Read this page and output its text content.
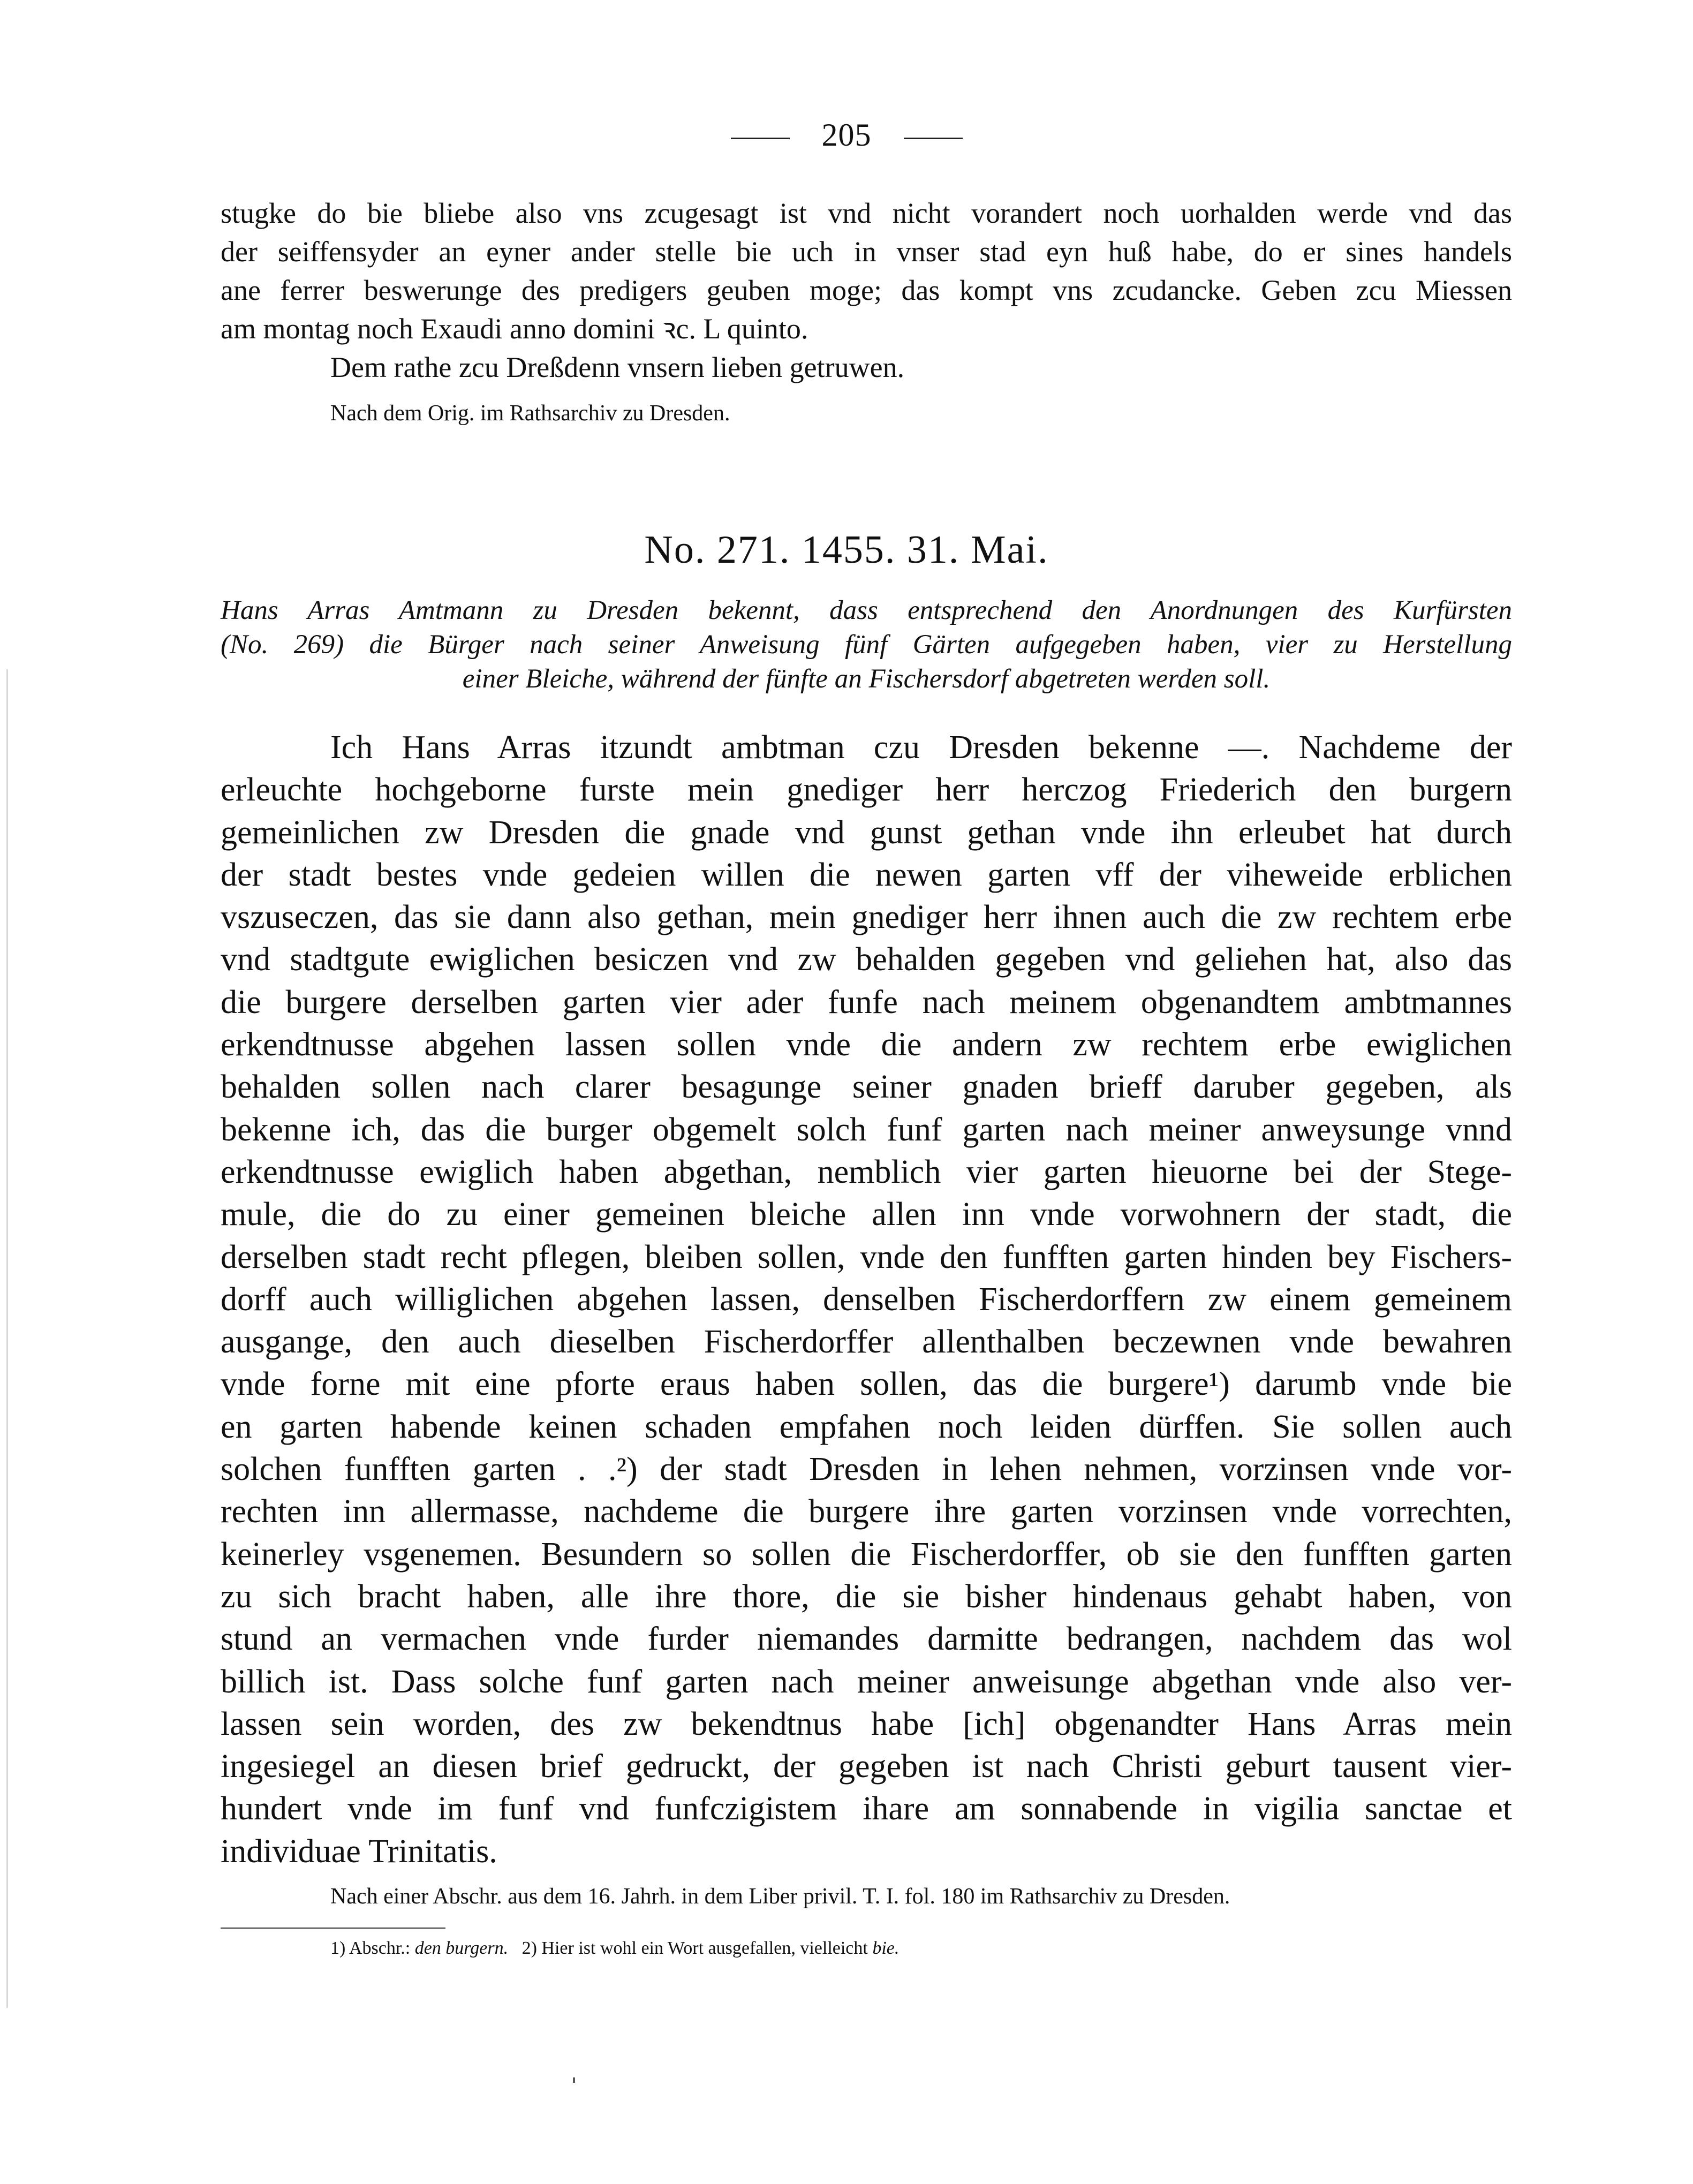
205
stugke do bie bliebe also vns zcugesagt ist vnd nicht vorandert noch uorhalden werde vnd das
der seiffensyder an eyner ander stelle bie uch in vnser stad eyn huß habe, do er sines handels
ane ferrer beswerunge des predigers geuben moge; das kompt vns zcudancke. Geben zcu Miessen
am montag noch Exaudi anno domini ꝛc. L quinto.
Dem rathe zcu Dreßdenn vnsern lieben getruwen.
Nach dem Orig. im Rathsarchiv zu Dresden.
No. 271. 1455. 31. Mai.
Hans Arras Amtmann zu Dresden bekennt, dass entsprechend den Anordnungen des Kurfürsten
(No. 269) die Bürger nach seiner Anweisung fünf Gärten aufgegeben haben, vier zu Herstellung
einer Bleiche, während der fünfte an Fischersdorf abgetreten werden soll.
Ich Hans Arras itzundt ambtman czu Dresden bekenne —. Nachdeme der
erleuchte hochgeborne furste mein gnediger herr herczog Friederich den burgern
gemeinlichen zw Dresden die gnade vnd gunst gethan vnde ihn erleubet hat durch
der stadt bestes vnde gedeien willen die newen garten vff der viheweide erblichen
vszuseczen, das sie dann also gethan, mein gnediger herr ihnen auch die zw rechtem erbe
vnd stadtgute ewiglichen besiczen vnd zw behalden gegeben vnd geliehen hat, also das
die burgere derselben garten vier ader funfe nach meinem obgenandtem ambtmannes
erkendtnusse abgehen lassen sollen vnde die andern zw rechtem erbe ewiglichen
behalden sollen nach clarer besagunge seiner gnaden brieff daruber gegeben, als
bekenne ich, das die burger obgemelt solch funf garten nach meiner anweysunge vnnd
erkendtnusse ewiglich haben abgethan, nemblich vier garten hieuorne bei der Stege-
mule, die do zu einer gemeinen bleiche allen inn vnde vorwohnern der stadt, die
derselben stadt recht pflegen, bleiben sollen, vnde den funfften garten hinden bey Fischers-
dorff auch williglichen abgehen lassen, denselben Fischerdorffern zw einem gemeinem
ausgange, den auch dieselben Fischerdorffer allenthalben beczewnen vnde bewahren
vnde forne mit eine pforte eraus haben sollen, das die burgere¹) darumb vnde bie
en garten habende keinen schaden empfahen noch leiden dürffen. Sie sollen auch
solchen funfften garten . .²) der stadt Dresden in lehen nehmen, vorzinsen vnde vor-
rechten inn allermasse, nachdeme die burgere ihre garten vorzinsen vnde vorrechten,
keinerley vsgenemen. Besundern so sollen die Fischerdorffer, ob sie den funfften garten
zu sich bracht haben, alle ihre thore, die sie bisher hindenaus gehabt haben, von
stund an vermachen vnde furder niemandes darmitte bedrangen, nachdem das wol
billich ist. Dass solche funf garten nach meiner anweisunge abgethan vnde also ver-
lassen sein worden, des zw bekendtnus habe [ich] obgenandter Hans Arras mein
ingesiegel an diesen brief gedruckt, der gegeben ist nach Christi geburt tausent vier-
hundert vnde im funf vnd funfczigistem ihare am sonnabende in vigilia sanctae et
individuae Trinitatis.
Nach einer Abschr. aus dem 16. Jahrh. in dem Liber privil. T. I. fol. 180 im Rathsarchiv zu Dresden.
1) Abschr.: den burgern. 2) Hier ist wohl ein Wort ausgefallen, vielleicht bie.
